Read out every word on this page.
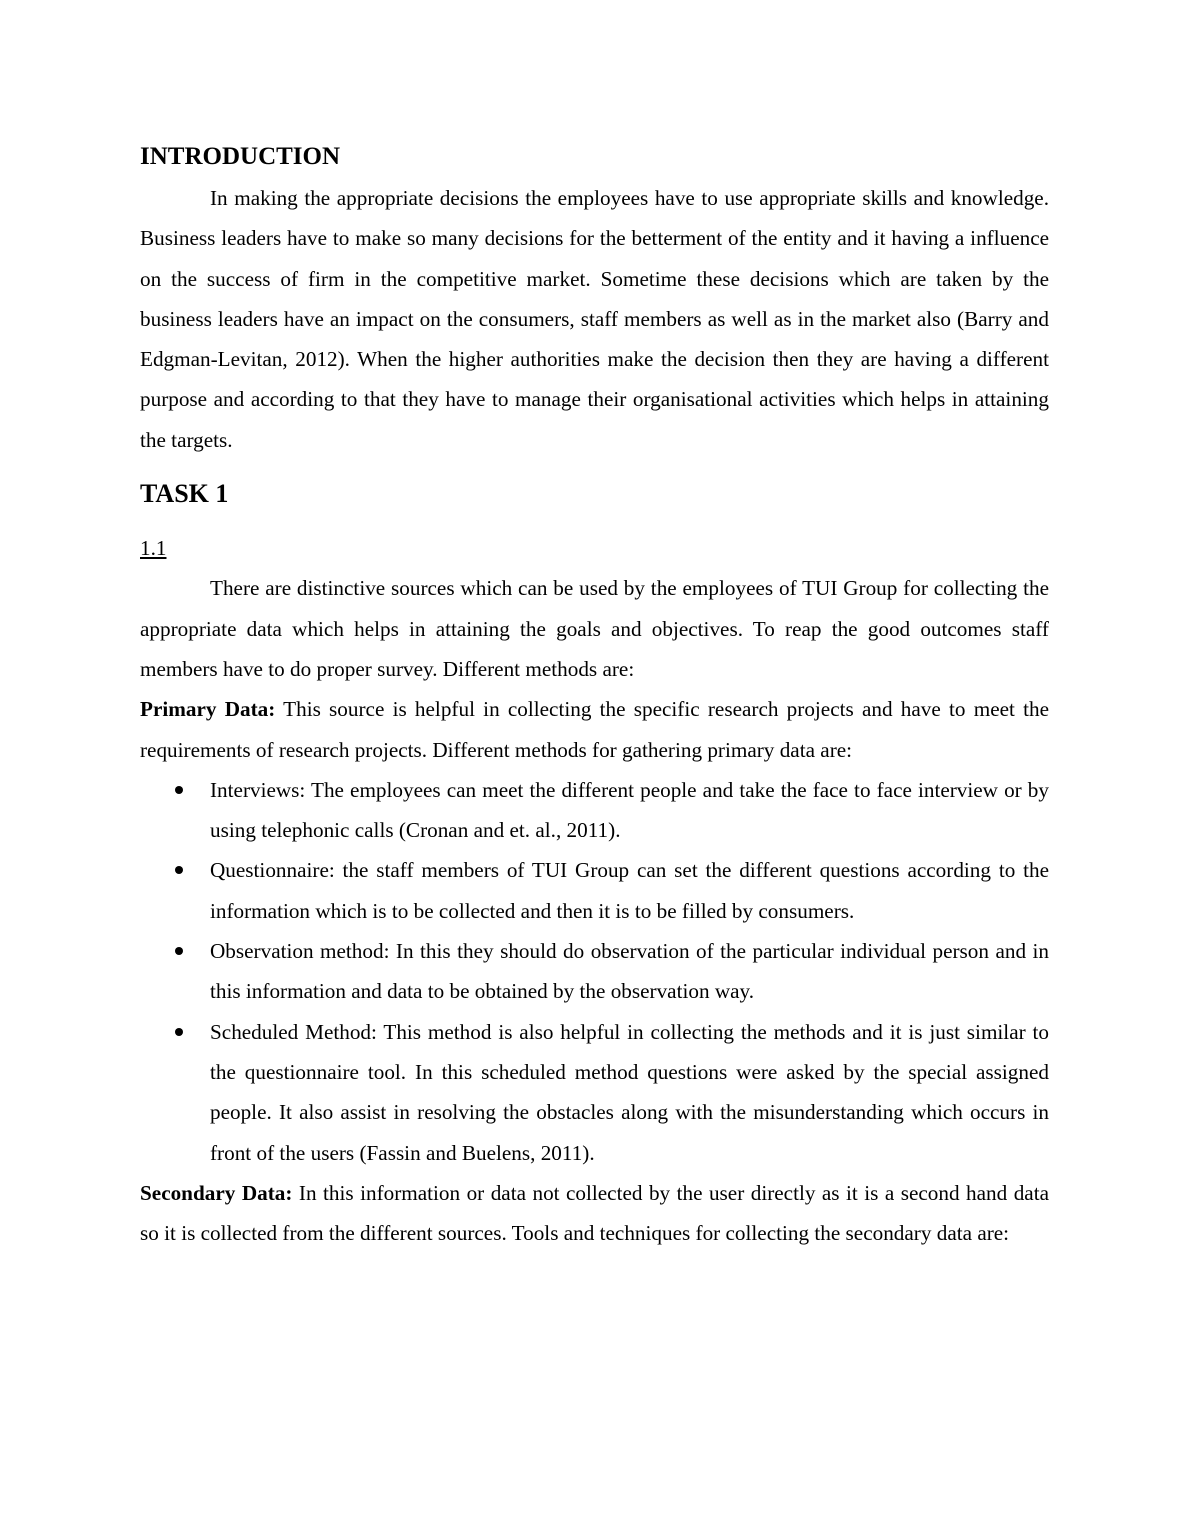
INTRODUCTION

In making the appropriate decisions the employees have to use appropriate skills and knowledge. Business leaders have to make so many decisions for the betterment of the entity and it having a influence on the success of firm in the competitive market. Sometime these decisions which are taken by the business leaders have an impact on the consumers, staff members as well as in the market also (Barry and Edgman-Levitan, 2012). When the higher authorities make the decision then they are having a different purpose and according to that they have to manage their organisational activities which helps in attaining the targets.

TASK 1
1.1

There are distinctive sources which can be used by the employees of TUI Group for collecting the appropriate data which helps in attaining the goals and objectives. To reap the good outcomes staff members have to do proper survey. Different methods are:

Primary Data: This source is helpful in collecting the specific research projects and have to meet the requirements of research projects. Different methods for gathering primary data are:

Interviews: The employees can meet the different people and take the face to face interview or by using telephonic calls (Cronan and et. al., 2011).
Questionnaire: the staff members of TUI Group can set the different questions according to the information which is to be collected and then it is to be filled by consumers.
Observation method: In this they should do observation of the particular individual person and in this information and data to be obtained by the observation way.
Scheduled Method: This method is also helpful in collecting the methods and it is just similar to the questionnaire tool. In this scheduled method questions were asked by the special assigned people. It also assist in resolving the obstacles along with the misunderstanding which occurs in front of the users (Fassin and Buelens, 2011).

Secondary Data: In this information or data not collected by the user directly as it is a second hand data so it is collected from the different sources. Tools and techniques for collecting the secondary data are:
